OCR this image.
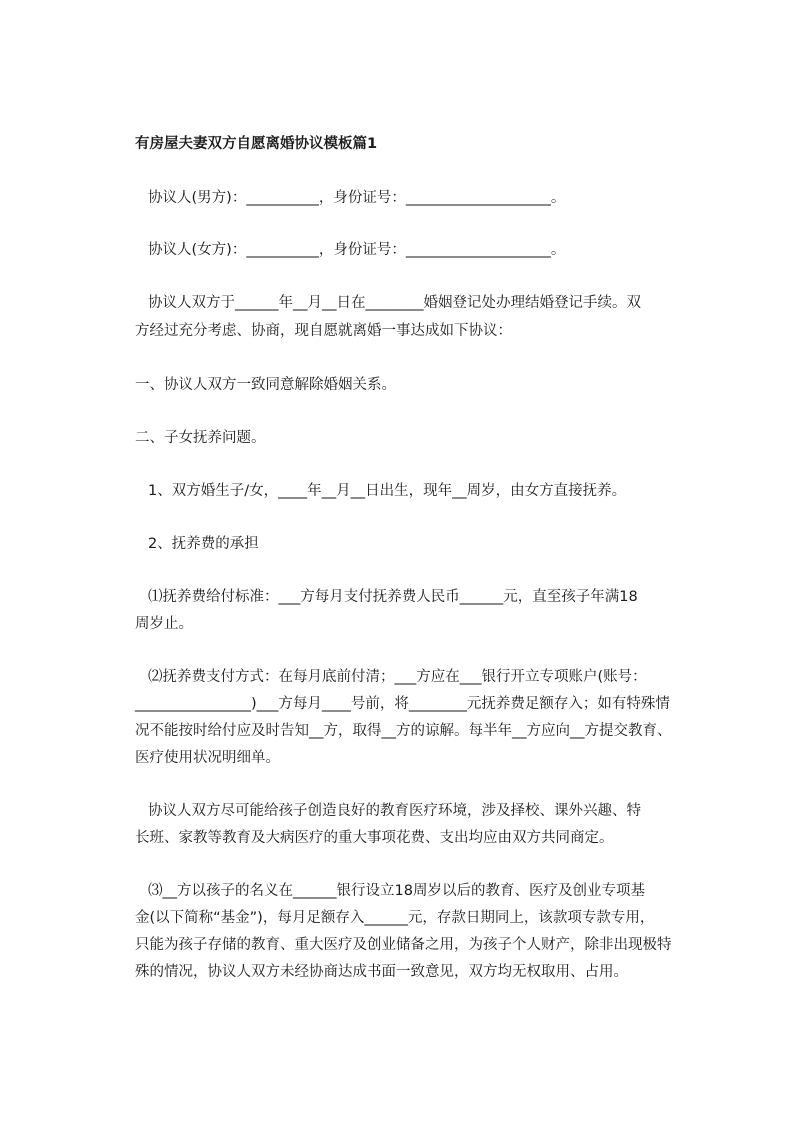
有房屋夫妻双方自愿离婚协议模板篇1

协议人(男方)：__________，身份证号：____________________。

协议人(女方)：__________，身份证号：____________________。

协议人双方于______年__月__日在________婚姻登记处办理结婚登记手续。双

方经过充分考虑、协商，现自愿就离婚一事达成如下协议：

一、协议人双方一致同意解除婚姻关系。

二、子女抚养问题。

1、双方婚生子/女，____年__月__日出生，现年__周岁，由女方直接抚养。

2、抚养费的承担

⑴抚养费给付标准：___方每月支付抚养费人民币______元，直至孩子年满18

周岁止。

⑵抚养费支付方式：在每月底前付清；___方应在___银行开立专项账户(账号：

________________)___方每月____号前，将________元抚养费足额存入；如有特殊情

况不能按时给付应及时告知__方，取得__方的谅解。每半年__方应向__方提交教育、

医疗使用状况明细单。

协议人双方尽可能给孩子创造良好的教育医疗环境，涉及择校、课外兴趣、特

长班、家教等教育及大病医疗的重大事项花费、支出均应由双方共同商定。

⑶__方以孩子的名义在______银行设立18周岁以后的教育、医疗及创业专项基

金(以下简称“基金”)，每月足额存入______元，存款日期同上，该款项专款专用，

只能为孩子存储的教育、重大医疗及创业储备之用，为孩子个人财产，除非出现极特

殊的情况，协议人双方未经协商达成书面一致意见，双方均无权取用、占用。
